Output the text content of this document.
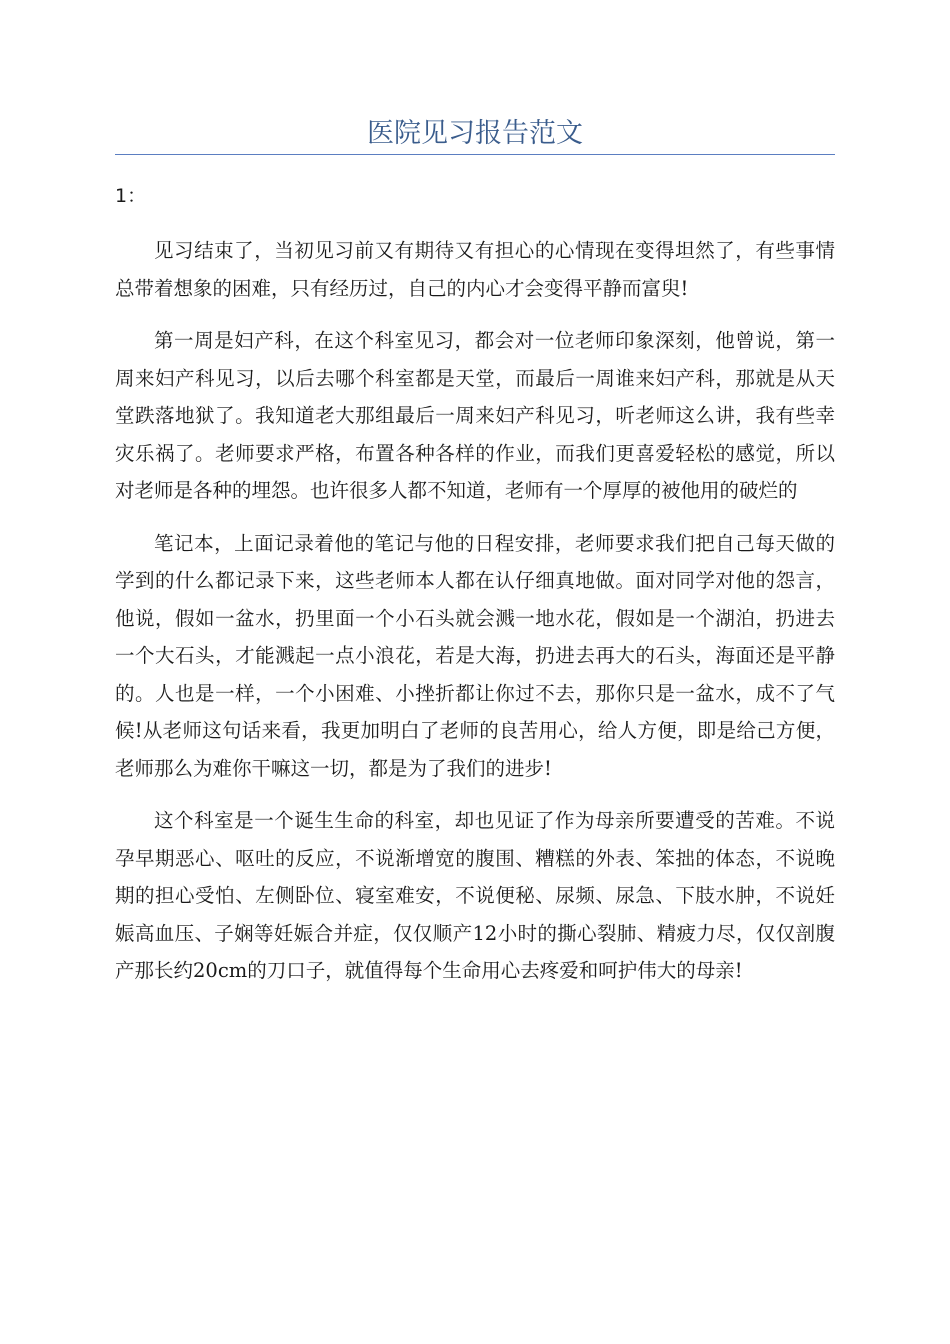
医院见习报告范文
1：

见习结束了，当初见习前又有期待又有担心的心情现在变得坦然了，有些事情总带着想象的困难，只有经历过，自己的内心才会变得平静而富臾!

第一周是妇产科，在这个科室见习，都会对一位老师印象深刻，他曾说，第一周来妇产科见习，以后去哪个科室都是天堂，而最后一周谁来妇产科，那就是从天堂跌落地狱了。我知道老大那组最后一周来妇产科见习，听老师这么讲，我有些幸灾乐祸了。老师要求严格，布置各种各样的作业，而我们更喜爱轻松的感觉，所以对老师是各种的埋怨。也许很多人都不知道，老师有一个厚厚的被他用的破烂的

笔记本，上面记录着他的笔记与他的日程安排，老师要求我们把自己每天做的学到的什么都记录下来，这些老师本人都在认仔细真地做。面对同学对他的怨言，他说，假如一盆水，扔里面一个小石头就会溅一地水花，假如是一个湖泊，扔进去一个大石头，才能溅起一点小浪花，若是大海，扔进去再大的石头，海面还是平静的。人也是一样，一个小困难、小挫折都让你过不去，那你只是一盆水，成不了气候!从老师这句话来看，我更加明白了老师的良苦用心，给人方便，即是给己方便，老师那么为难你干嘛这一切，都是为了我们的进步!

这个科室是一个诞生生命的科室，却也见证了作为母亲所要遭受的苦难。不说孕早期恶心、呕吐的反应，不说渐增宽的腹围、糟糕的外表、笨拙的体态，不说晚期的担心受怕、左侧卧位、寝室难安，不说便秘、尿频、尿急、下肢水肿，不说妊娠高血压、子娴等妊娠合并症，仅仅顺产12小时的撕心裂肺、精疲力尽，仅仅剖腹产那长约20cm的刀口子，就值得每个生命用心去疼爱和呵护伟大的母亲!
